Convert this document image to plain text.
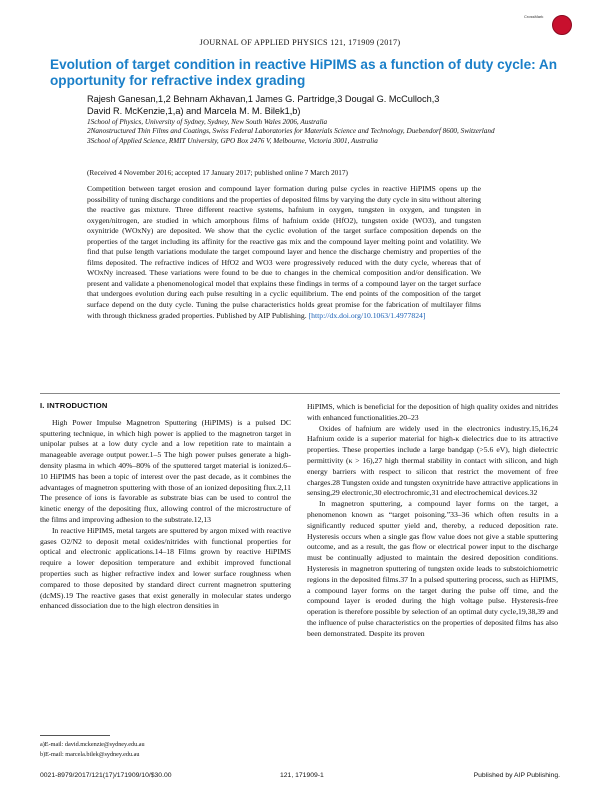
JOURNAL OF APPLIED PHYSICS 121, 171909 (2017)
CrossMark
Evolution of target condition in reactive HiPIMS as a function of duty cycle: An opportunity for refractive index grading
Rajesh Ganesan,1,2 Behnam Akhavan,1 James G. Partridge,3 Dougal G. McCulloch,3
David R. McKenzie,1,a) and Marcela M. M. Bilek1,b)
1School of Physics, University of Sydney, Sydney, New South Wales 2006, Australia
2Nanostructured Thin Films and Coatings, Swiss Federal Laboratories for Materials Science and Technology, Duebendorf 8600, Switzerland
3School of Applied Science, RMIT University, GPO Box 2476 V, Melbourne, Victoria 3001, Australia
(Received 4 November 2016; accepted 17 January 2017; published online 7 March 2017)
Competition between target erosion and compound layer formation during pulse cycles in reactive HiPIMS opens up the possibility of tuning discharge conditions and the properties of deposited films by varying the duty cycle in situ without altering the reactive gas mixture. Three different reactive systems, hafnium in oxygen, tungsten in oxygen, and tungsten in oxygen/nitrogen, are studied in which amorphous films of hafnium oxide (HfO2), tungsten oxide (WO3), and tungsten oxynitride (WOxNy) are deposited. We show that the cyclic evolution of the target surface composition depends on the properties of the target including its affinity for the reactive gas mix and the compound layer melting point and volatility. We find that pulse length variations modulate the target compound layer and hence the discharge chemistry and properties of the films deposited. The refractive indices of HfO2 and WO3 were progressively reduced with the duty cycle, whereas that of WOxNy increased. These variations were found to be due to changes in the chemical composition and/or densification. We present and validate a phenomenological model that explains these findings in terms of a compound layer on the target surface that undergoes evolution during each pulse resulting in a cyclic equilibrium. The end points of the composition of the target surface depend on the duty cycle. Tuning the pulse characteristics holds great promise for the fabrication of multilayer films with through thickness graded properties. Published by AIP Publishing. [http://dx.doi.org/10.1063/1.4977824]
I. INTRODUCTION

High Power Impulse Magnetron Sputtering (HiPIMS) is a pulsed DC sputtering technique, in which high power is applied to the magnetron target in unipolar pulses at a low duty cycle and a low repetition rate to maintain a manageable average output power.1–5 The high power pulses generate a high-density plasma in which 40%–80% of the sputtered target material is ionized.6–10 HiPIMS has been a topic of interest over the past decade, as it combines the advantages of magnetron sputtering with those of an ionized depositing flux.2,11 The presence of ions is favorable as substrate bias can be used to control the kinetic energy of the depositing flux, allowing control of the microstructure of the films and improving adhesion to the substrate.12,13

In reactive HiPIMS, metal targets are sputtered by argon mixed with reactive gases O2/N2 to deposit metal oxides/nitrides with functional properties for optical and electronic applications.14–18 Films grown by reactive HiPIMS require a lower deposition temperature and exhibit improved functional properties such as higher refractive index and lower surface roughness when compared to those deposited by standard direct current magnetron sputtering (dcMS).19 The reactive gases that exist generally in molecular states undergo enhanced dissociation due to the high electron densities in

HiPIMS, which is beneficial for the deposition of high quality oxides and nitrides with enhanced functionalities.20–23

Oxides of hafnium are widely used in the electronics industry.15,16,24 Hafnium oxide is a superior material for high-κ dielectrics due to its attractive properties. These properties include a large bandgap (>5.6 eV), high dielectric permittivity (κ > 16),27 high thermal stability in contact with silicon, and high energy barriers with respect to silicon that restrict the movement of free charges.28 Tungsten oxide and tungsten oxynitride have attractive applications in sensing,29 electronic,30 electrochromic,31 and electrochemical devices.32

In magnetron sputtering, a compound layer forms on the target, a phenomenon known as “target poisoning.”33–36 which often results in a significantly reduced sputter yield and, thereby, a reduced deposition rate. Hysteresis occurs when a single gas flow value does not give a stable sputtering outcome, and as a result, the gas flow or electrical power input to the discharge must be continually adjusted to maintain the desired deposition conditions. Hysteresis in magnetron sputtering of tungsten oxide leads to substoichiometric regions in the deposited films.37 In a pulsed sputtering process, such as HiPIMS, a compound layer forms on the target during the pulse off time, and the compound layer is eroded during the high voltage pulse. Hysteresis-free operation is therefore possible by selection of an optimal duty cycle,19,38,39 and the influence of pulse characteristics on the properties of deposited films has also been demonstrated. Despite its proven

a)E-mail: david.mckenzie@sydney.edu.au
b)E-mail: marcela.bilek@sydney.edu.au
0021-8979/2017/121(17)/171909/10/$30.00	121, 171909-1	Published by AIP Publishing.
